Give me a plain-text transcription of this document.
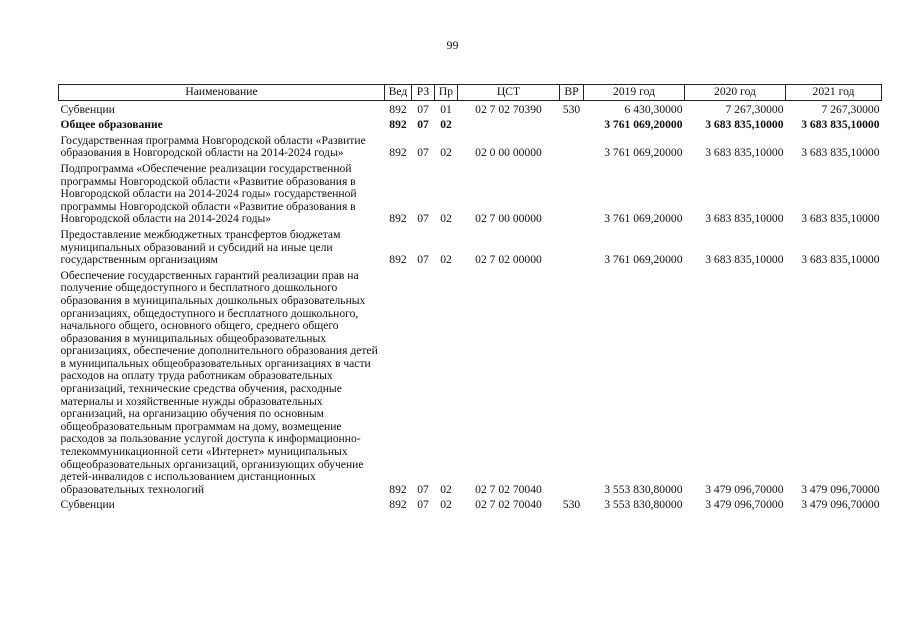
99
Наименование	Вед	РЗ	Пр	ЦСТ	ВР	2019 год	2020 год	2021 год
Субвенции	892	07	01	02 7 02 70390	530	6 430,30000	7 267,30000	7 267,30000
Общее образование	892	07	02			3 761 069,20000	3 683 835,10000	3 683 835,10000
Государственная программа Новгородской области «Развитие образования в Новгородской области на 2014-2024 годы»	892	07	02	02 0 00 00000		3 761 069,20000	3 683 835,10000	3 683 835,10000
Подпрограмма «Обеспечение реализации государственной программы Новгородской области «Развитие образования в Новгородской области на 2014-2024 годы» государственной программы Новгородской области «Развитие образования в Новгородской области на 2014-2024 годы»	892	07	02	02 7 00 00000		3 761 069,20000	3 683 835,10000	3 683 835,10000
Предоставление межбюджетных трансфертов бюджетам муниципальных образований и субсидий на иные цели государственным организациям	892	07	02	02 7 02 00000		3 761 069,20000	3 683 835,10000	3 683 835,10000
Обеспечение государственных гарантий реализации прав на получение общедоступного и бесплатного дошкольного образования в муниципальных дошкольных образовательных организациях, общедоступного и бесплатного дошкольного, начального общего, основного общего, среднего общего образования в муниципальных общеобразовательных организациях, обеспечение дополнительного образования детей в муниципальных общеобразовательных организациях в части расходов на оплату труда работникам образовательных организаций, технические средства обучения, расходные материалы и хозяйственные нужды образовательных организаций, на организацию обучения по основным общеобразовательным программам на дому, возмещение расходов за пользование услугой доступа к информационно-телекоммуникационной сети «Интернет» муниципальных общеобразовательных организаций, организующих обучение детей-инвалидов с использованием дистанционных образовательных технологий	892	07	02	02 7 02 70040		3 553 830,80000	3 479 096,70000	3 479 096,70000
Субвенции	892	07	02	02 7 02 70040	530	3 553 830,80000	3 479 096,70000	3 479 096,70000
